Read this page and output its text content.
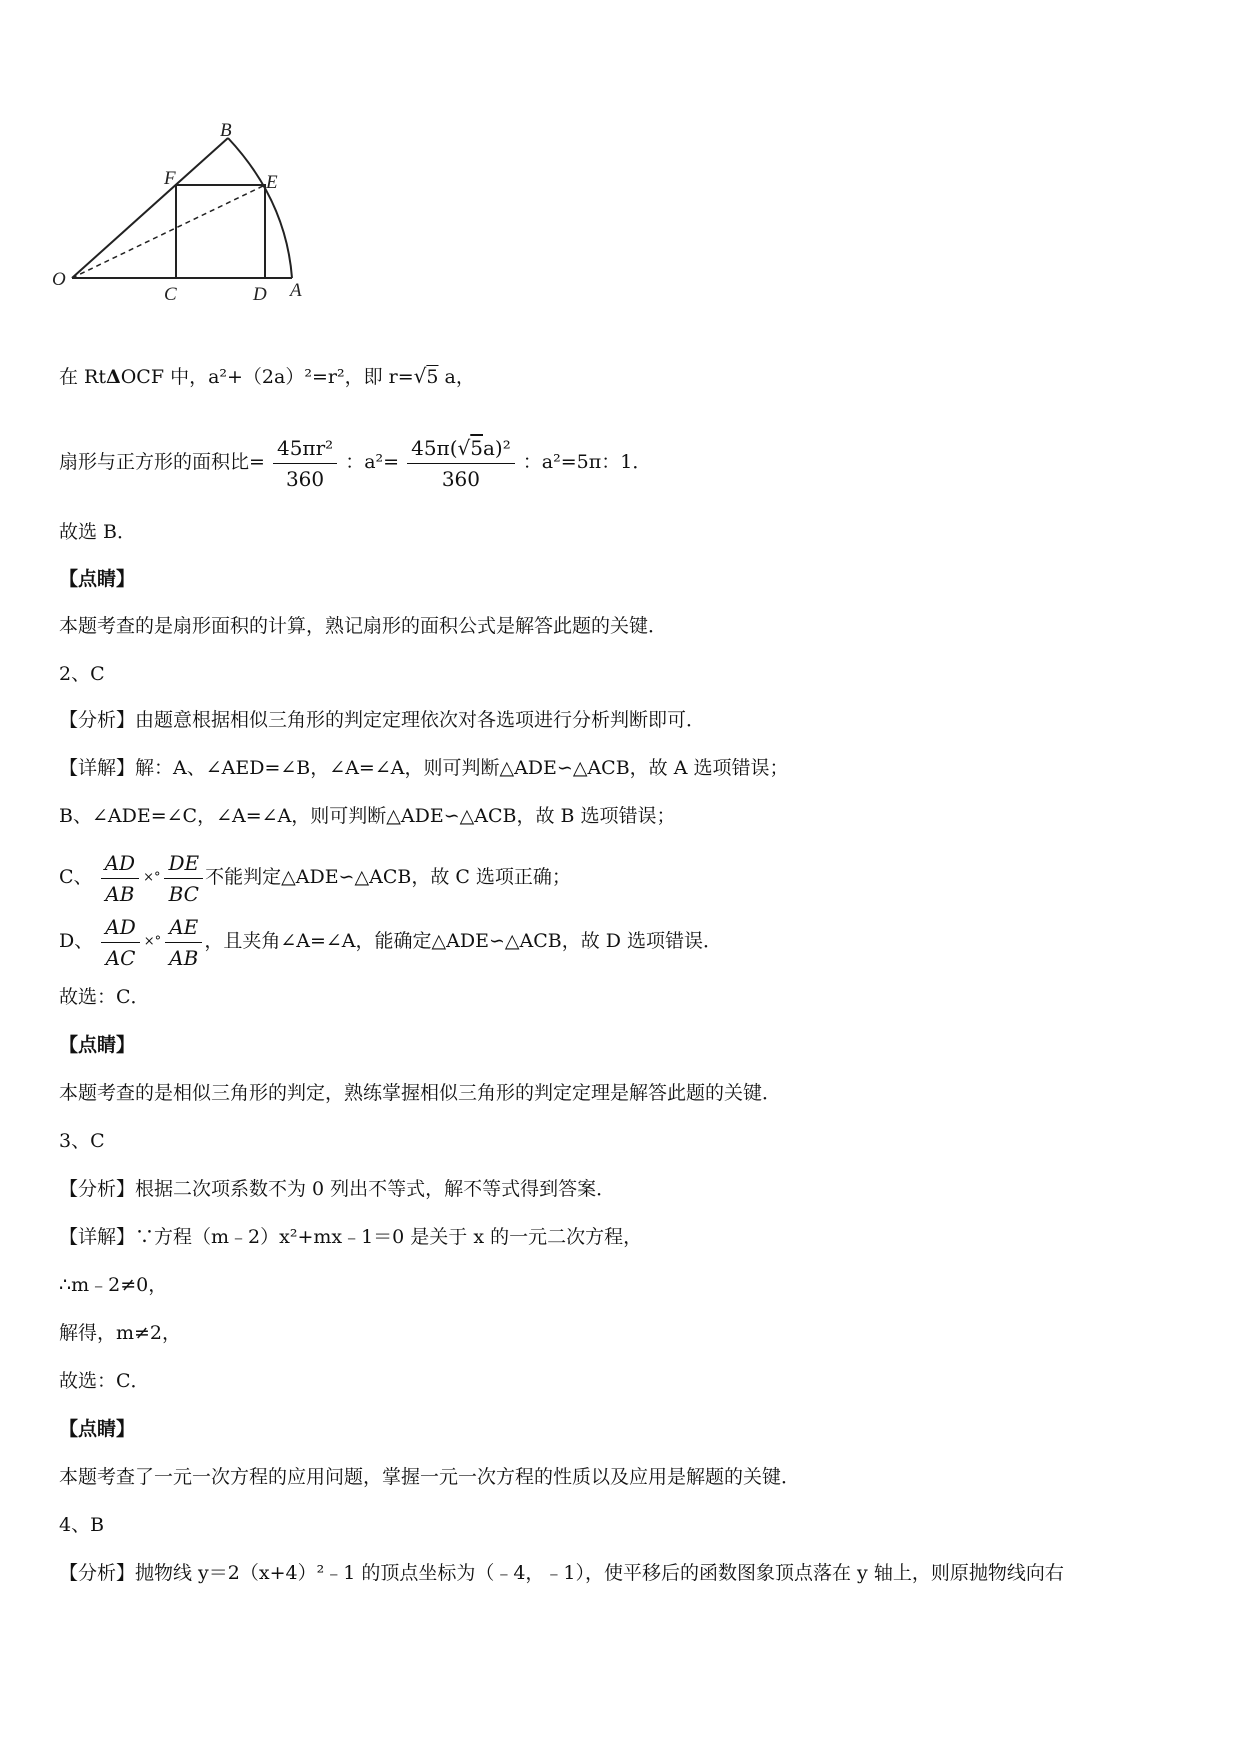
O
C	D A
F	E
B
在 RtΔOCF 中，a²+（2a）²=r²，即 r=√5 a，
扇形与正方形的面积比= $\frac{\text{45πr²}}{360}$ ：$a^2= \frac{\text{45π(√5a)²}}{360}$ ：a²=5π：1．
故选 B．
【点睛】
本题考查的是扇形面积的计算，熟记扇形的面积公式是解答此题的关键．
2、C
【分析】由题意根据相似三角形的判定定理依次对各选项进行分析判断即可．
【详解】解：A、∠AED=∠B，∠A=∠A，则可判断△ADE∽△ACB，故 A 选项错误；
B、∠ADE=∠C，∠A=∠A，则可判断△ADE∽△ACB，故 B 选项错误；
C、 $\frac{AD}{AB}$ ×° $\frac{DE}{BC}$ 不能判定△ADE∽△ACB，故 C 选项正确；
D、 $\frac{AD}{AC}$ ×° $\frac{AE}{AB}$ ，且夹角∠A=∠A，能确定△ADE∽△ACB，故 D 选项错误．
故选：C．
【点睛】
本题考查的是相似三角形的判定，熟练掌握相似三角形的判定定理是解答此题的关键．
3、C
【分析】根据二次项系数不为 0 列出不等式，解不等式得到答案．
【详解】∵方程（m﹣2）x²+mx﹣1＝0 是关于 x 的一元二次方程，
∴m﹣2≠0，
解得，m≠2，
故选：C．
【点睛】
本题考查了一元一次方程的应用问题，掌握一元一次方程的性质以及应用是解题的关键．
4、B
【分析】抛物线 y＝2（x+4）²﹣1 的顶点坐标为（﹣4，﹣1），使平移后的函数图象顶点落在 y 轴上，则原抛物线向右
